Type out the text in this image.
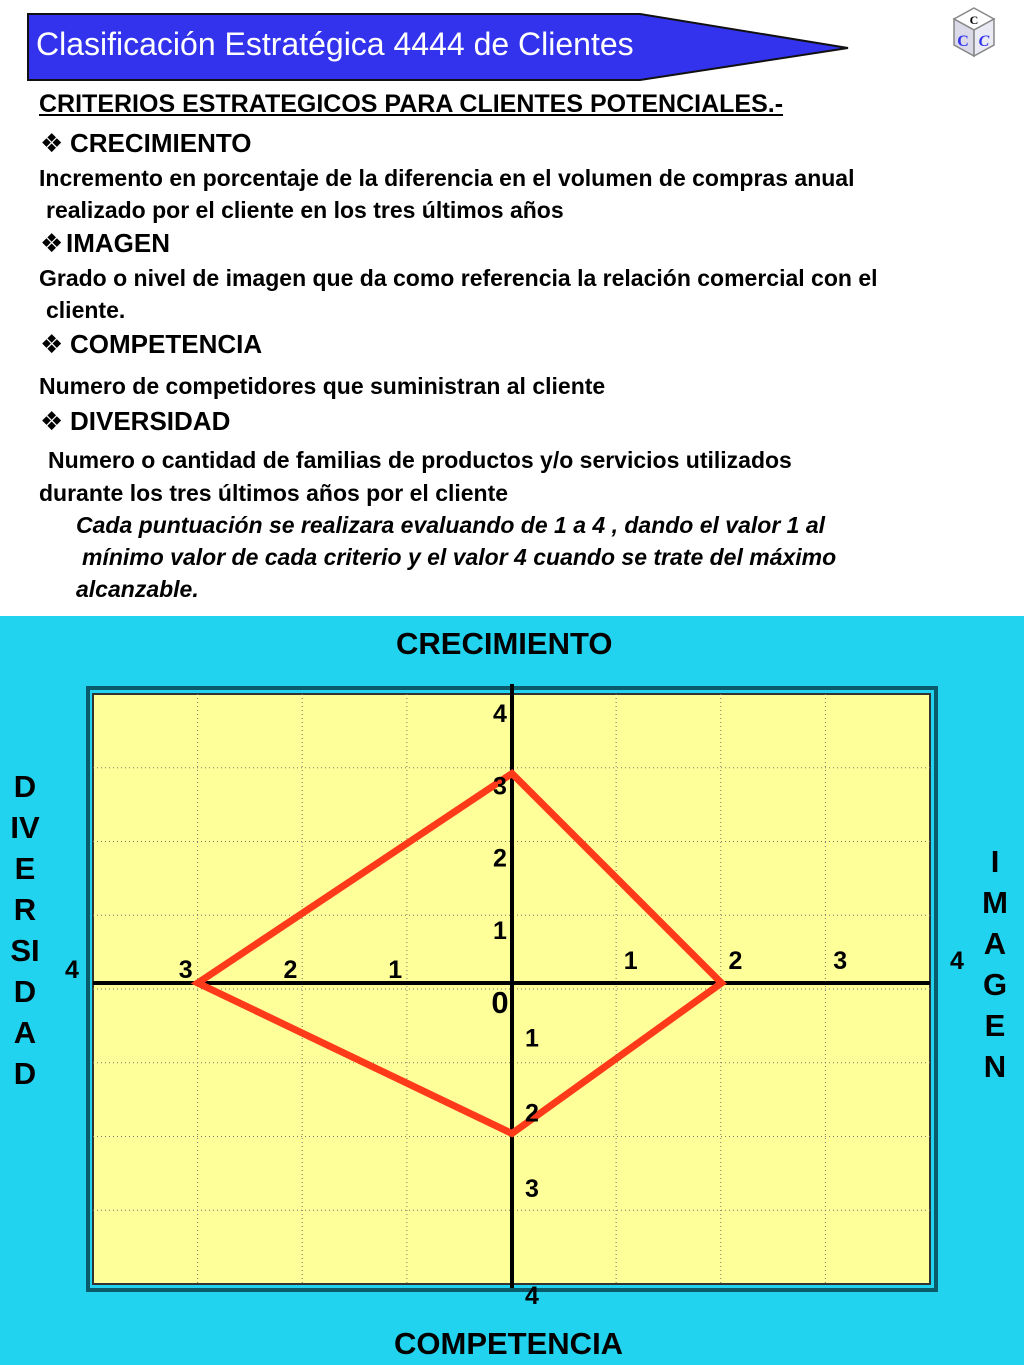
Clasificación Estratégica 4444 de Clientes
C
C C
CRITERIOS ESTRATEGICOS PARA CLIENTES POTENCIALES.-
❖ CRECIMIENTO
Incremento en porcentaje de la diferencia en el volumen de compras anual
realizado por el cliente en los tres últimos años
❖ IMAGEN
Grado o nivel de imagen que da como referencia la relación comercial con el
cliente.
❖ COMPETENCIA
Numero de competidores que suministran al cliente
❖ DIVERSIDAD
Numero o cantidad de familias de productos y/o servicios utilizados
durante los tres últimos años por el cliente
Cada puntuación se realizara evaluando de 1 a 4 , dando el valor 1 al
mínimo valor de cada criterio y el valor 4 cuando se trate del máximo
alcanzable.
1
1
1
1
2
2
2
2
3
3
3
3
4
4
4
4
0
CRECIMIENTO
COMPETENCIA
DIVERSIDAD
IMAGEN
